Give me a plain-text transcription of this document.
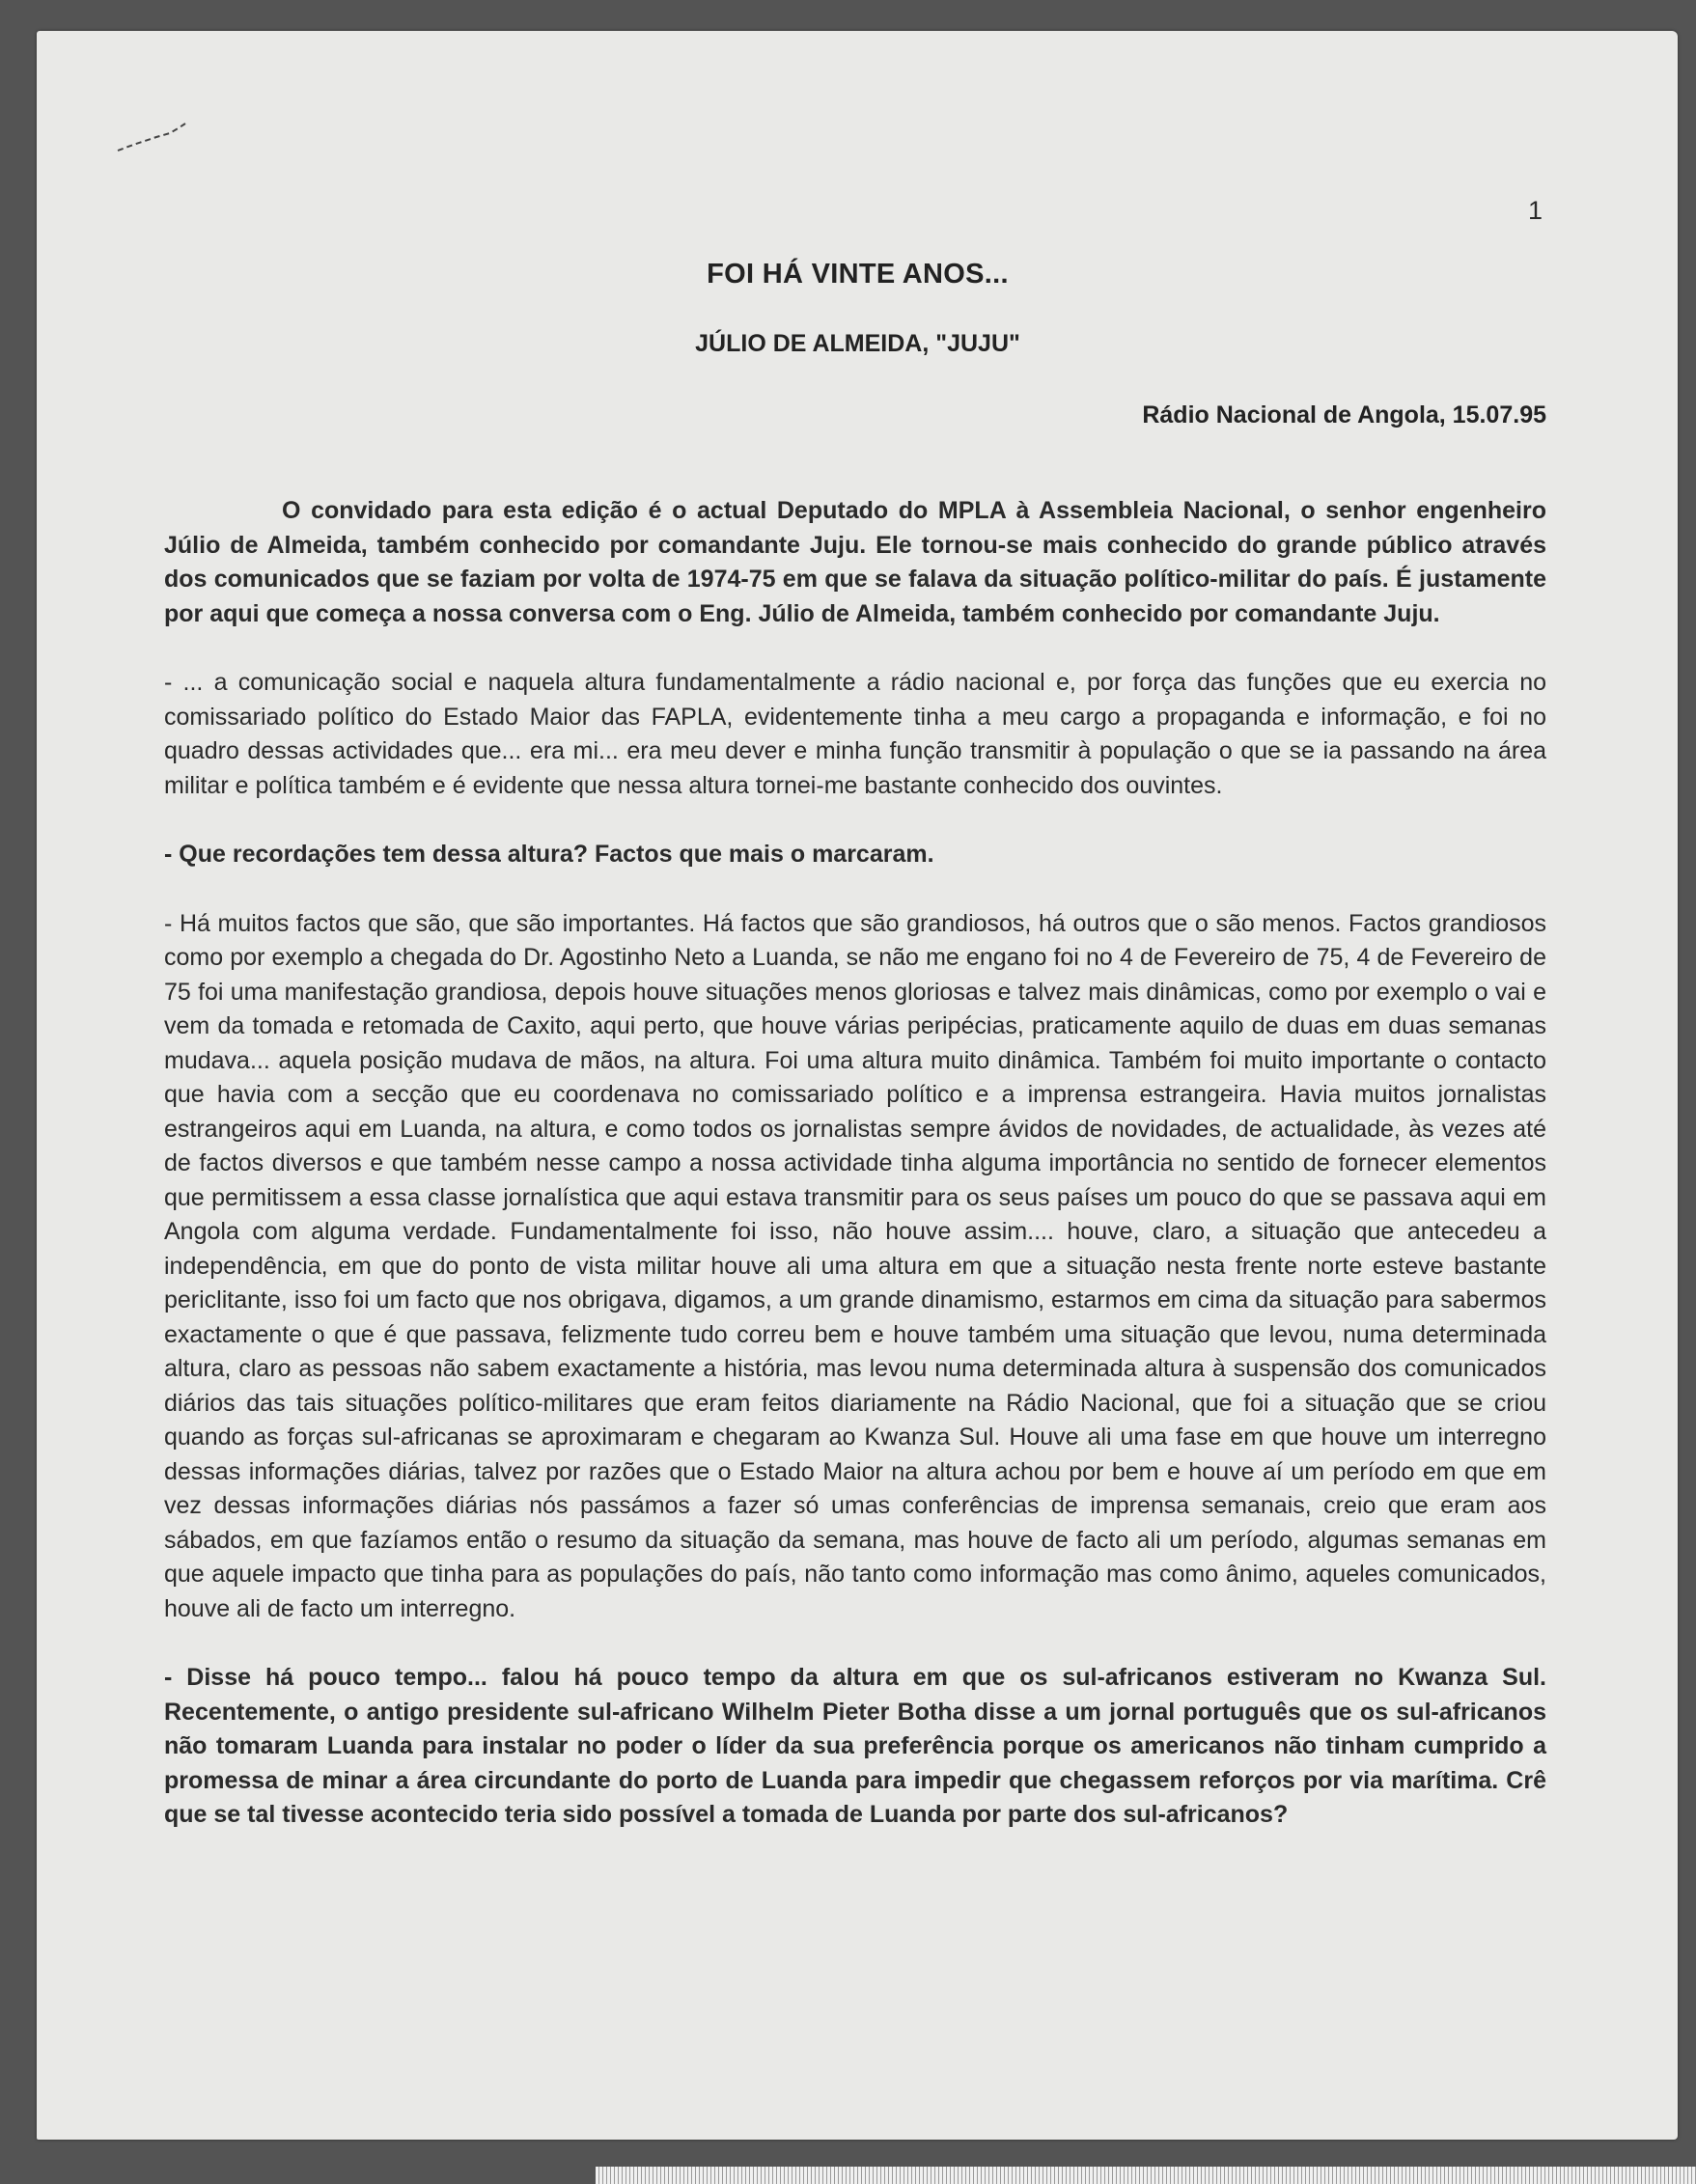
1
FOI HÁ VINTE ANOS...
JÚLIO DE ALMEIDA, "JUJU"
Rádio Nacional de Angola, 15.07.95

O convidado para esta edição é o actual Deputado do MPLA à Assembleia Nacional, o senhor engenheiro Júlio de Almeida, também conhecido por comandante Juju. Ele tornou-se mais conhecido do grande público através dos comunicados que se faziam por volta de 1974-75 em que se falava da situação político-militar do país. É justamente por aqui que começa a nossa conversa com o Eng. Júlio de Almeida, também conhecido por comandante Juju.

- ... a comunicação social e naquela altura fundamentalmente a rádio nacional e, por força das funções que eu exercia no comissariado político do Estado Maior das FAPLA, evidentemente tinha a meu cargo a propaganda e informação, e foi no quadro dessas actividades que... era mi... era meu dever e minha função transmitir à população o que se ia passando na área militar e política também e é evidente que nessa altura tornei-me bastante conhecido dos ouvintes.

- Que recordações tem dessa altura? Factos que mais o marcaram.

- Há muitos factos que são, que são importantes. Há factos que são grandiosos, há outros que o são menos. Factos grandiosos como por exemplo a chegada do Dr. Agostinho Neto a Luanda, se não me engano foi no 4 de Fevereiro de 75, 4 de Fevereiro de 75 foi uma manifestação grandiosa, depois houve situações menos gloriosas e talvez mais dinâmicas, como por exemplo o vai e vem da tomada e retomada de Caxito, aqui perto, que houve várias peripécias, praticamente aquilo de duas em duas semanas mudava... aquela posição mudava de mãos, na altura. Foi uma altura muito dinâmica. Também foi muito importante o contacto que havia com a secção que eu coordenava no comissariado político e a imprensa estrangeira. Havia muitos jornalistas estrangeiros aqui em Luanda, na altura, e como todos os jornalistas sempre ávidos de novidades, de actualidade, às vezes até de factos diversos e que também nesse campo a nossa actividade tinha alguma importância no sentido de fornecer elementos que permitissem a essa classe jornalística que aqui estava transmitir para os seus países um pouco do que se passava aqui em Angola com alguma verdade. Fundamentalmente foi isso, não houve assim.... houve, claro, a situação que antecedeu a independência, em que do ponto de vista militar houve ali uma altura em que a situação nesta frente norte esteve bastante periclitante, isso foi um facto que nos obrigava, digamos, a um grande dinamismo, estarmos em cima da situação para sabermos exactamente o que é que passava, felizmente tudo correu bem e houve também uma situação que levou, numa determinada altura, claro as pessoas não sabem exactamente a história, mas levou numa determinada altura à suspensão dos comunicados diários das tais situações político-militares que eram feitos diariamente na Rádio Nacional, que foi a situação que se criou quando as forças sul-africanas se aproximaram e chegaram ao Kwanza Sul. Houve ali uma fase em que houve um interregno dessas informações diárias, talvez por razões que o Estado Maior na altura achou por bem e houve aí um período em que em vez dessas informações diárias nós passámos a fazer só umas conferências de imprensa semanais, creio que eram aos sábados, em que fazíamos então o resumo da situação da semana, mas houve de facto ali um período, algumas semanas em que aquele impacto que tinha para as populações do país, não tanto como informação mas como ânimo, aqueles comunicados, houve ali de facto um interregno.

- Disse há pouco tempo... falou há pouco tempo da altura em que os sul-africanos estiveram no Kwanza Sul. Recentemente, o antigo presidente sul-africano Wilhelm Pieter Botha disse a um jornal português que os sul-africanos não tomaram Luanda para instalar no poder o líder da sua preferência porque os americanos não tinham cumprido a promessa de minar a área circundante do porto de Luanda para impedir que chegassem reforços por via marítima. Crê que se tal tivesse acontecido teria sido possível a tomada de Luanda por parte dos sul-africanos?
